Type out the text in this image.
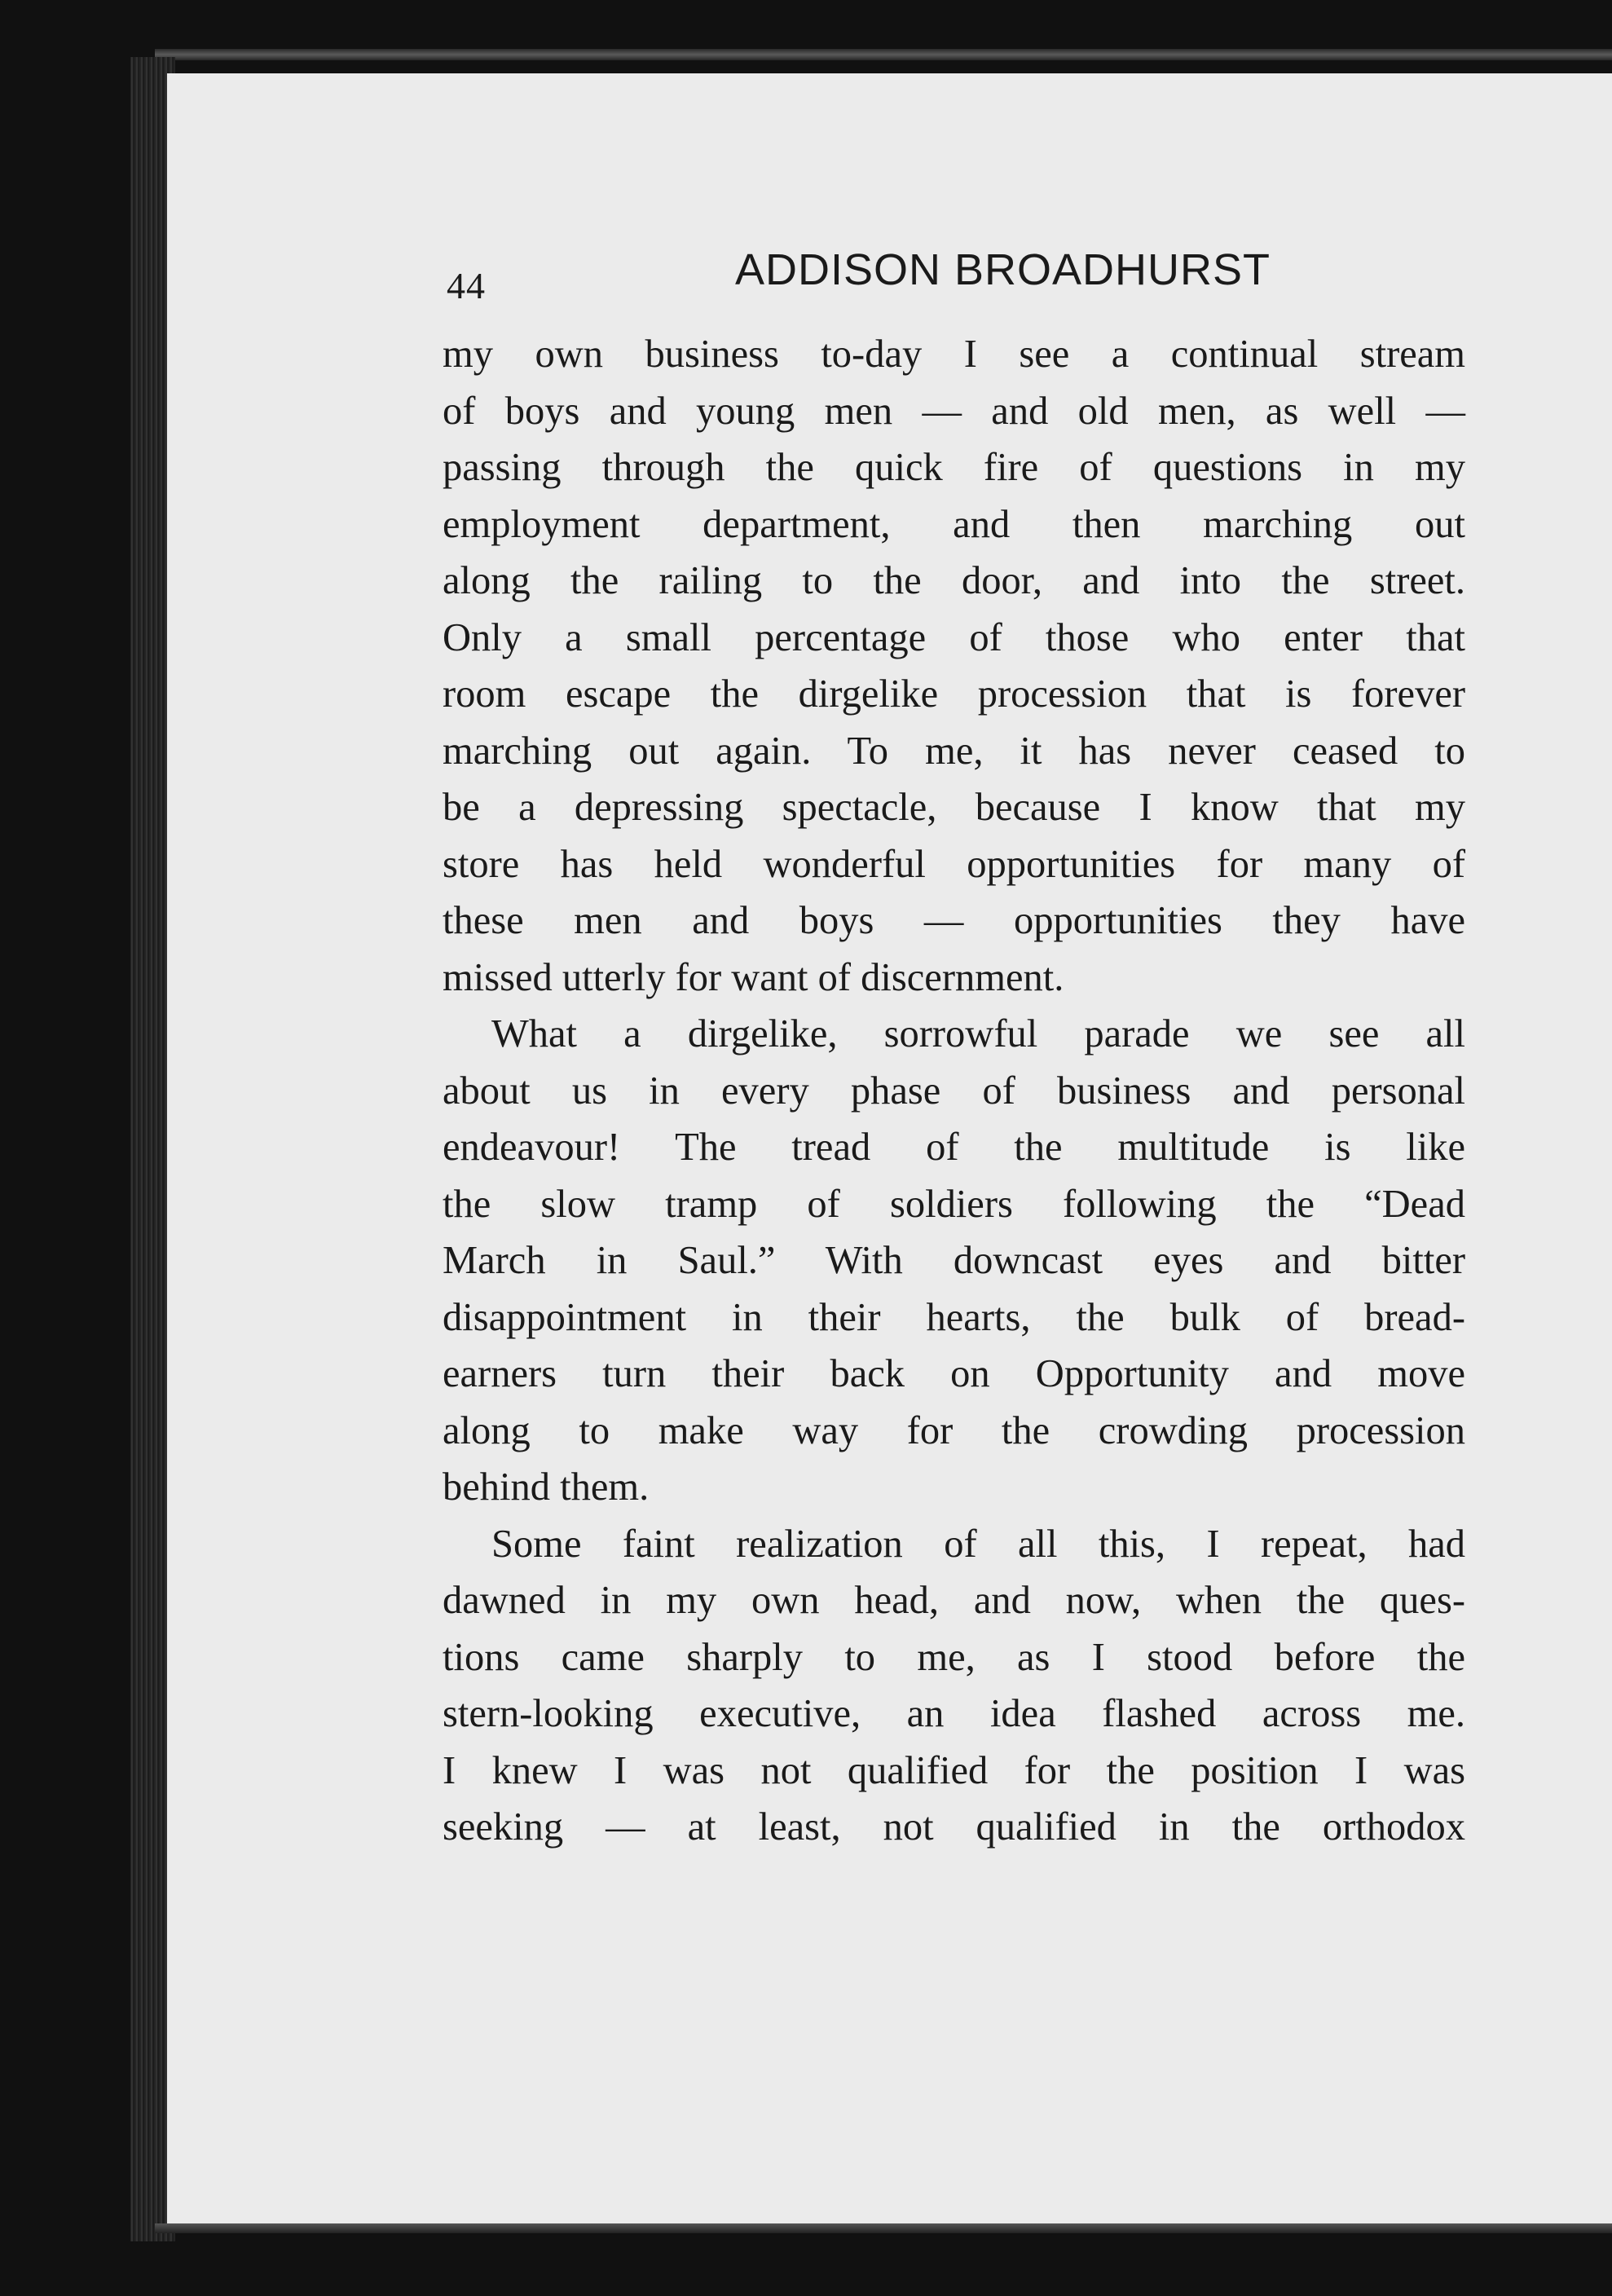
44	ADDISON BROADHURST
my own business to-day I see a continual stream
of boys and young men — and old men, as well —
passing through the quick fire of questions in my
employment department, and then marching out
along the railing to the door, and into the street.
Only a small percentage of those who enter that
room escape the dirgelike procession that is forever
marching out again. To me, it has never ceased to
be a depressing spectacle, because I know that my
store has held wonderful opportunities for many of
these men and boys — opportunities they have
missed utterly for want of discernment.
What a dirgelike, sorrowful parade we see all
about us in every phase of business and personal
endeavour! The tread of the multitude is like
the slow tramp of soldiers following the “Dead
March in Saul.” With downcast eyes and bitter
disappointment in their hearts, the bulk of bread-
earners turn their back on Opportunity and move
along to make way for the crowding procession
behind them.
Some faint realization of all this, I repeat, had
dawned in my own head, and now, when the ques-
tions came sharply to me, as I stood before the
stern-looking executive, an idea flashed across me.
I knew I was not qualified for the position I was
seeking — at least, not qualified in the orthodox
